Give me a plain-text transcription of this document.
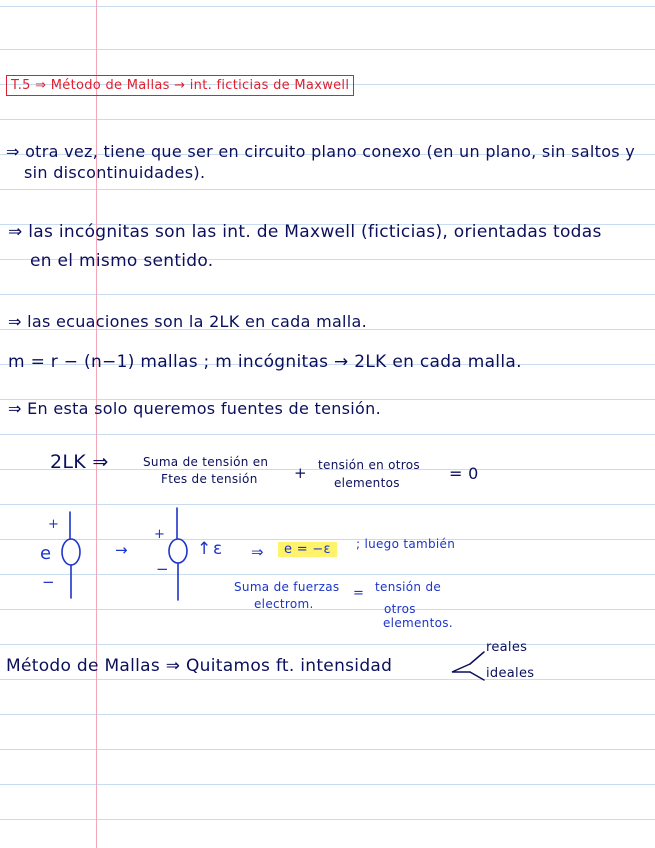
T.5 ⇒ Método de Mallas → int. ficticias de Maxwell
⇒ otra vez, tiene que ser en circuito plano conexo (en un plano, sin saltos y
sin discontinuidades).
⇒ las incógnitas son las int. de Maxwell (ficticias), orientadas todas
en el mismo sentido.
⇒ las ecuaciones son la 2LK en cada malla.
m = r − (n−1) mallas ; m incógnitas → 2LK en cada malla.
⇒ En esta solo queremos fuentes de tensión.
2LK ⇒	Suma de tensión en
Ftes de tensión + tensión en otros
elementos	= 0
+
e
−
→
+
−
↑ ε ⇒	e = −ε	; luego también
Suma de fuerzas
electrom.
= tensión de
otros
elementos.
Método de Mallas ⇒ Quitamos ft. intensidad
reales
ideales
